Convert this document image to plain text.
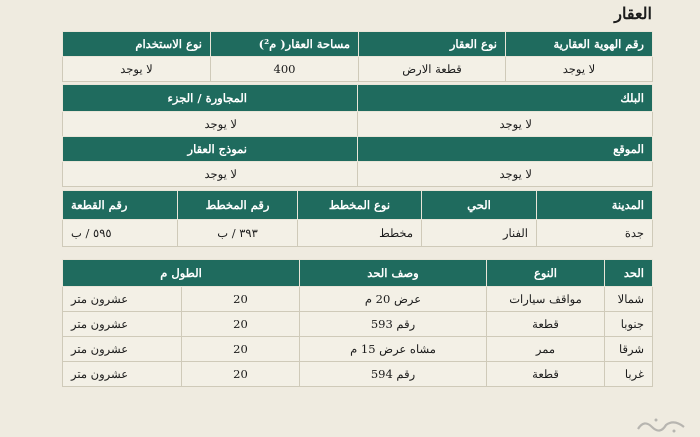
العقار
رقم الهوية العقارية	نوع العقار	مساحة العقار( م²)	نوع الاستخدام
لا يوجد	قطعة الارض	400	لا يوجد
البلك	المجاورة / الجزء
لا يوجد	لا يوجد
الموقع	نموذج العقار
لا يوجد	لا يوجد
المدينة	الحي	نوع المخطط	رقم المخطط	رقم القطعة
جدة	الفنار	مخطط	٣٩٣ / ب	٥٩٥ / ب
الحد	النوع	وصف الحد	الطول م	
شمالا	مواقف سيارات	عرض 20 م	20	عشرون متر
جنوبا	قطعة	رقم 593	20	عشرون متر
شرقا	ممر	مشاه عرض 15 م	20	عشرون متر
غربا	قطعة	رقم 594	20	عشرون متر
